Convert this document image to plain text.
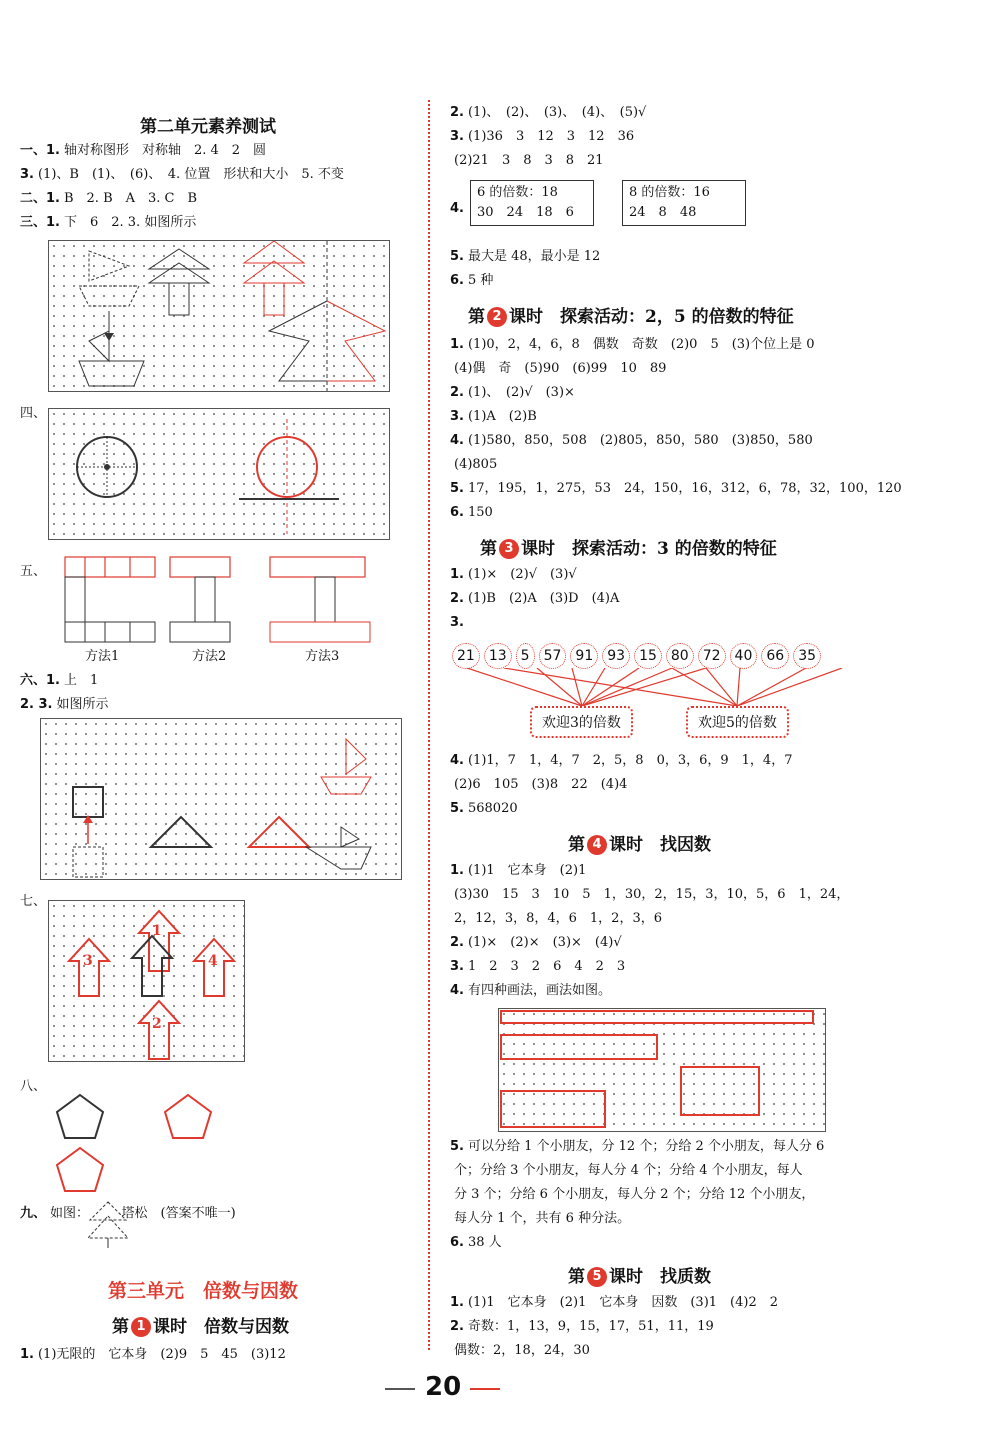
第二单元素养测试
一、1. 轴对称图形　对称轴　2. 4　2　圆
3. (1)、B　(1)、　(6)、　4. 位置　形状和大小　5. 不变
二、1. B　2. B　A　3. C　B
三、1. 下　6　2. 3. 如图所示
四、
五、
方法1	方法2	方法3
六、1. 上　1
2. 3. 如图所示
七、
1
2
3	4
八、
九、 如图：　　　塔松　(答案不唯一)
第三单元　倍数与因数
第 1 课时　倍数与因数
1. (1)无限的　它本身　(2)9　5　45　(3)12
2. (1)、　(2)、　(3)、　(4)、　(5)√
3. (1)36　3　12　3　12　36
(2)21　3　8　3　8　21
4.
6 的倍数：18
30　24　18　6
8 的倍数：16
24　8　48
5. 最大是 48，最小是 12
6. 5 种
第 2 课时　探索活动：2，5 的倍数的特征
1. (1)0，2，4，6，8　偶数　奇数　(2)0　5　(3)个位上是 0
(4)偶　奇　(5)90　(6)99　10　89
2. (1)、　(2)√　(3)×
3. (1)A　(2)B
4. (1)580，850，508　(2)805，850，580　(3)850，580
(4)805
5. 17，195，1，275，53　24，150，16，312，6，78，32，100，120
6. 150
第 3 课时　探索活动：3 的倍数的特征
1. (1)×　(2)√　(3)√
2. (1)B　(2)A　(3)D　(4)A
3.
21 13 5 57 91 93 15 80 72 40 66 35
欢迎3的倍数	欢迎5的倍数
4. (1)1，7　1，4，7　2，5，8　0，3，6，9　1，4，7
(2)6　105　(3)8　22　(4)4
5. 568020
第 4 课时　找因数
1. (1)1　它本身　(2)1
(3)30　15　3　10　5　1，30，2，15，3，10，5，6　1，24，
2，12，3，8，4，6　1，2，3，6
2. (1)×　(2)×　(3)×　(4)√
3. 1　2　3　2　6　4　2　3
4. 有四种画法，画法如图。
5. 可以分给 1 个小朋友，分 12 个；分给 2 个小朋友，每人分 6
个；分给 3 个小朋友，每人分 4 个；分给 4 个小朋友，每人
分 3 个；分给 6 个小朋友，每人分 2 个；分给 12 个小朋友，
每人分 1 个，共有 6 种分法。
6. 38 人
第 5 课时　找质数
1. (1)1　它本身　(2)1　它本身　因数　(3)1　(4)2　2
2. 奇数：1，13，9，15，17，51，11，19
偶数：2，18，24，30
20
